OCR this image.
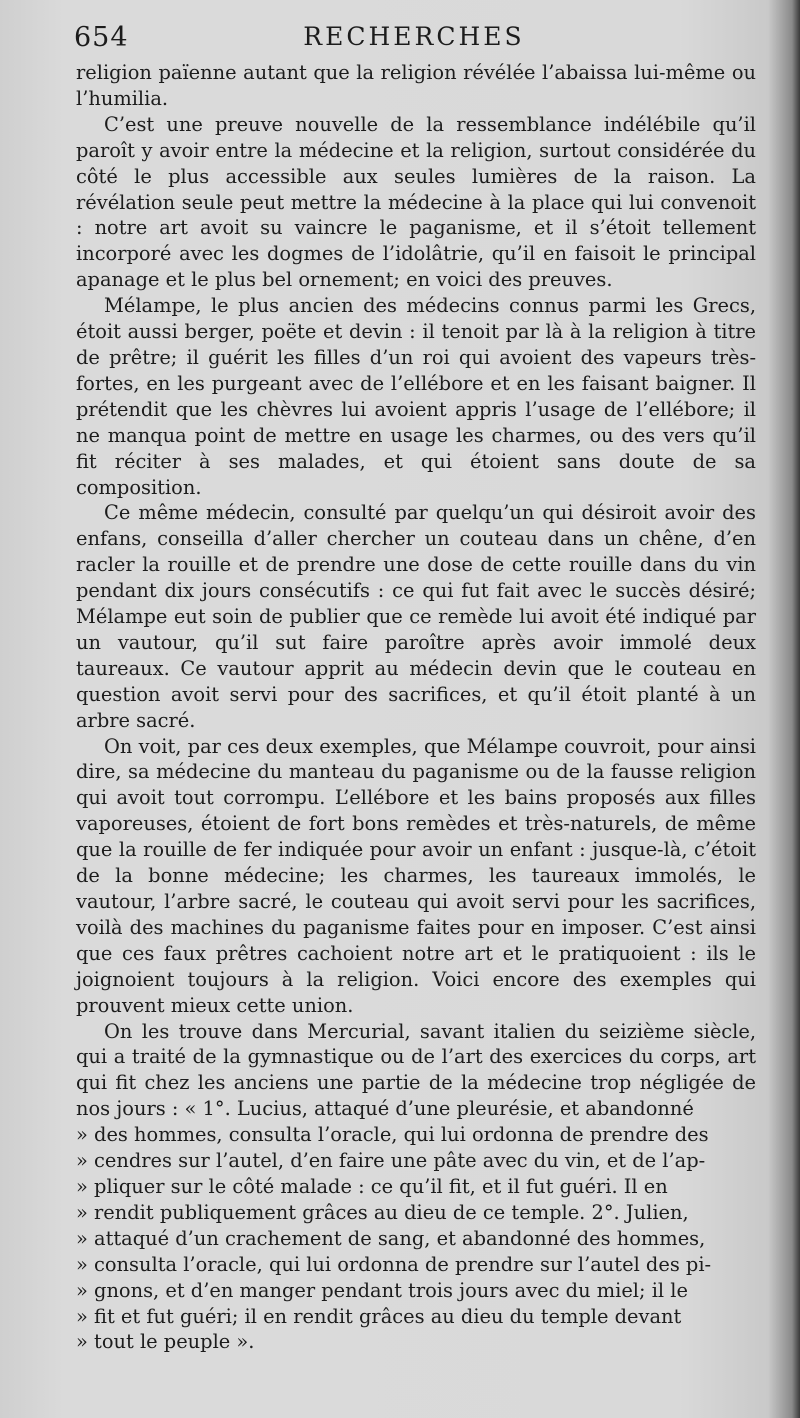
654	RECHERCHES

religion païenne autant que la religion révélée l’abaissa lui-même ou l’humilia.

C’est une preuve nouvelle de la ressemblance indélébile qu’il paroît y avoir entre la médecine et la religion, surtout considérée du côté le plus accessible aux seules lumières de la raison. La révélation seule peut mettre la médecine à la place qui lui convenoit : notre art avoit su vaincre le paganisme, et il s’étoit tellement incorporé avec les dogmes de l’idolâtrie, qu’il en faisoit le principal apanage et le plus bel ornement; en voici des preuves.

Mélampe, le plus ancien des médecins connus parmi les Grecs, étoit aussi berger, poëte et devin : il tenoit par là à la religion à titre de prêtre; il guérit les filles d’un roi qui avoient des vapeurs très-fortes, en les purgeant avec de l’ellébore et en les faisant baigner. Il prétendit que les chèvres lui avoient appris l’usage de l’ellébore; il ne manqua point de mettre en usage les charmes, ou des vers qu’il fit réciter à ses malades, et qui étoient sans doute de sa composition.

Ce même médecin, consulté par quelqu’un qui désiroit avoir des enfans, conseilla d’aller chercher un couteau dans un chêne, d’en racler la rouille et de prendre une dose de cette rouille dans du vin pendant dix jours consécutifs : ce qui fut fait avec le succès désiré; Mélampe eut soin de publier que ce remède lui avoit été indiqué par un vautour, qu’il sut faire paroître après avoir immolé deux taureaux. Ce vautour apprit au médecin devin que le couteau en question avoit servi pour des sacrifices, et qu’il étoit planté à un arbre sacré.

On voit, par ces deux exemples, que Mélampe couvroit, pour ainsi dire, sa médecine du manteau du paganisme ou de la fausse religion qui avoit tout corrompu. L’ellébore et les bains proposés aux filles vaporeuses, étoient de fort bons remèdes et très-naturels, de même que la rouille de fer indiquée pour avoir un enfant : jusque-là, c’étoit de la bonne médecine; les charmes, les taureaux immolés, le vautour, l’arbre sacré, le couteau qui avoit servi pour les sacrifices, voilà des machines du paganisme faites pour en imposer. C’est ainsi que ces faux prêtres cachoient notre art et le pratiquoient : ils le joignoient toujours à la religion. Voici encore des exemples qui prouvent mieux cette union.

On les trouve dans Mercurial, savant italien du seizième siècle, qui a traité de la gymnastique ou de l’art des exercices du corps, art qui fit chez les anciens une partie de la médecine trop négligée de nos jours : « 1°. Lucius, attaqué d’une pleurésie, et abandonné

» des hommes, consulta l’oracle, qui lui ordonna de prendre des
» cendres sur l’autel, d’en faire une pâte avec du vin, et de l’ap-
» pliquer sur le côté malade : ce qu’il fit, et il fut guéri. Il en
» rendit publiquement grâces au dieu de ce temple. 2°. Julien,
» attaqué d’un crachement de sang, et abandonné des hommes,
» consulta l’oracle, qui lui ordonna de prendre sur l’autel des pi-
» gnons, et d’en manger pendant trois jours avec du miel; il le
» fit et fut guéri; il en rendit grâces au dieu du temple devant
» tout le peuple ».
